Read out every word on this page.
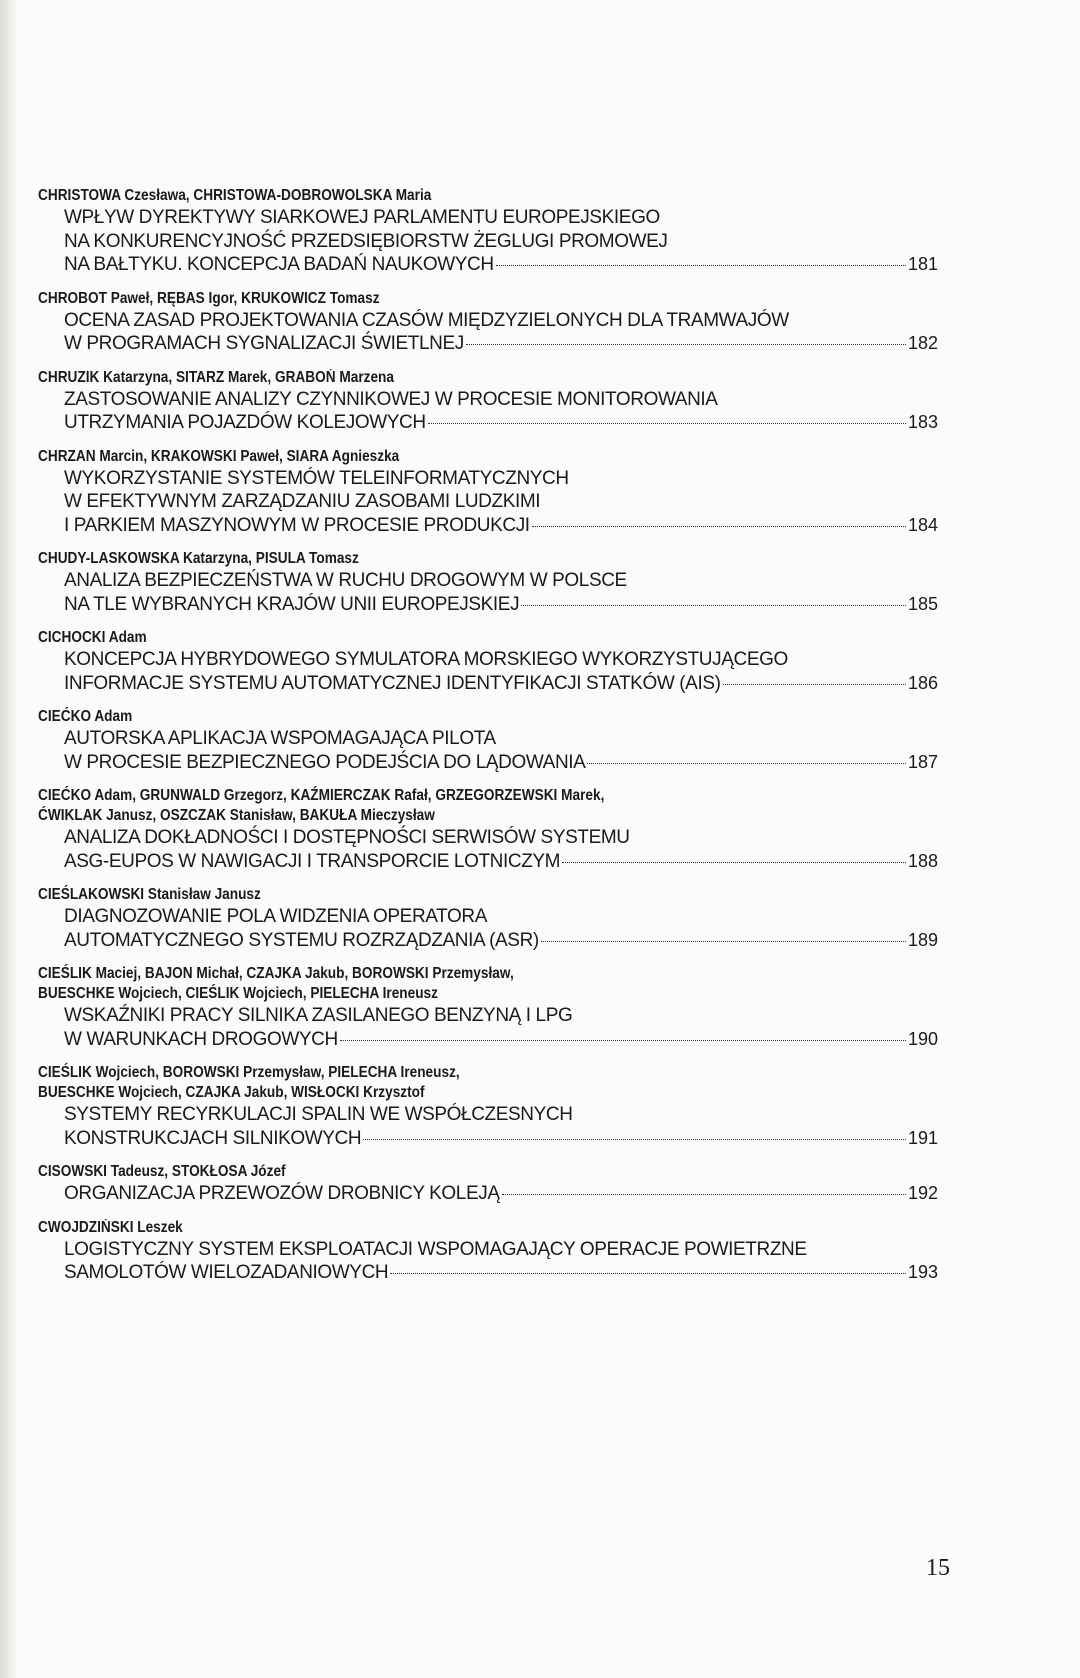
CHRISTOWA Czesława, CHRISTOWA-DOBROWOLSKA Maria
WPŁYW DYREKTYWY SIARKOWEJ PARLAMENTU EUROPEJSKIEGO
NA KONKURENCYJNOŚĆ PRZEDSIĘBIORSTW ŻEGLUGI PROMOWEJ
NA BAŁTYKU. KONCEPCJA BADAŃ NAUKOWYCH	181
CHROBOT Paweł, RĘBAS Igor, KRUKOWICZ Tomasz
OCENA ZASAD PROJEKTOWANIA CZASÓW MIĘDZYZIELONYCH DLA TRAMWAJÓW
W PROGRAMACH SYGNALIZACJI ŚWIETLNEJ	182
CHRUZIK Katarzyna, SITARZ Marek, GRABOŃ Marzena
ZASTOSOWANIE ANALIZY CZYNNIKOWEJ W PROCESIE MONITOROWANIA
UTRZYMANIA POJAZDÓW KOLEJOWYCH	183
CHRZAN Marcin, KRAKOWSKI Paweł, SIARA Agnieszka
WYKORZYSTANIE SYSTEMÓW TELEINFORMATYCZNYCH
W EFEKTYWNYM ZARZĄDZANIU ZASOBAMI LUDZKIMI
I PARKIEM MASZYNOWYM W PROCESIE PRODUKCJI	184
CHUDY-LASKOWSKA Katarzyna, PISULA Tomasz
ANALIZA BEZPIECZEŃSTWA W RUCHU DROGOWYM W POLSCE
NA TLE WYBRANYCH KRAJÓW UNII EUROPEJSKIEJ	185
CICHOCKI Adam
KONCEPCJA HYBRYDOWEGO SYMULATORA MORSKIEGO WYKORZYSTUJĄCEGO
INFORMACJE SYSTEMU AUTOMATYCZNEJ IDENTYFIKACJI STATKÓW (AIS)	186
CIEĆKO Adam
AUTORSKA APLIKACJA WSPOMAGAJĄCA PILOTA
W PROCESIE BEZPIECZNEGO PODEJŚCIA DO LĄDOWANIA	187
CIEĆKO Adam, GRUNWALD Grzegorz, KAŹMIERCZAK Rafał, GRZEGORZEWSKI Marek,
ĆWIKLAK Janusz, OSZCZAK Stanisław, BAKUŁA Mieczysław
ANALIZA DOKŁADNOŚCI I DOSTĘPNOŚCI SERWISÓW SYSTEMU
ASG-EUPOS W NAWIGACJI I TRANSPORCIE LOTNICZYM	188
CIEŚLAKOWSKI Stanisław Janusz
DIAGNOZOWANIE POLA WIDZENIA OPERATORA
AUTOMATYCZNEGO SYSTEMU ROZRZĄDZANIA (ASR)	189
CIEŚLIK Maciej, BAJON Michał, CZAJKA Jakub, BOROWSKI Przemysław,
BUESCHKE Wojciech, CIEŚLIK Wojciech, PIELECHA Ireneusz
WSKAŹNIKI PRACY SILNIKA ZASILANEGO BENZYNĄ I LPG
W WARUNKACH DROGOWYCH	190
CIEŚLIK Wojciech, BOROWSKI Przemysław, PIELECHA Ireneusz,
BUESCHKE Wojciech, CZAJKA Jakub, WISŁOCKI Krzysztof
SYSTEMY RECYRKULACJI SPALIN WE WSPÓŁCZESNYCH
KONSTRUKCJACH SILNIKOWYCH	191
CISOWSKI Tadeusz, STOKŁOSA Józef
ORGANIZACJA PRZEWOZÓW DROBNICY KOLEJĄ	192
CWOJDZIŃSKI Leszek
LOGISTYCZNY SYSTEM EKSPLOATACJI WSPOMAGAJĄCY OPERACJE POWIETRZNE
SAMOLOTÓW WIELOZADANIOWYCH	193
15
